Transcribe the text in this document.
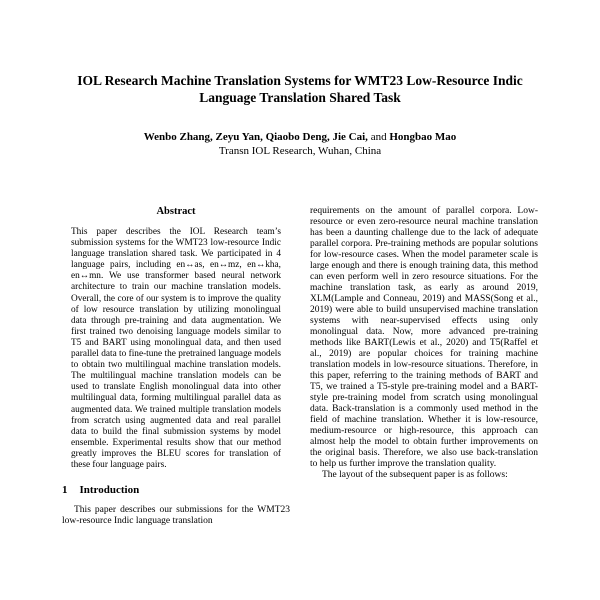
IOL Research Machine Translation Systems for WMT23 Low-Resource Indic Language Translation Shared Task
Wenbo Zhang, Zeyu Yan, Qiaobo Deng, Jie Cai, and Hongbao Mao
Transn IOL Research, Wuhan, China
Abstract

This paper describes the IOL Research team’s submission systems for the WMT23 low-resource Indic language translation shared task. We participated in 4 language pairs, including en↔as, en↔mz, en↔kha, en↔mn. We use transformer based neural network architecture to train our machine translation models. Overall, the core of our system is to improve the quality of low resource translation by utilizing monolingual data through pre-training and data augmentation. We first trained two denoising language models similar to T5 and BART using monolingual data, and then used parallel data to fine-tune the pretrained language models to obtain two multilingual machine translation models. The multilingual machine translation models can be used to translate English monolingual data into other multilingual data, forming multilingual parallel data as augmented data. We trained multiple translation models from scratch using augmented data and real parallel data to build the final submission systems by model ensemble. Experimental results show that our method greatly improves the BLEU scores for translation of these four language pairs.

1 Introduction

This paper describes our submissions for the WMT23 low-resource Indic language translation

requirements on the amount of parallel corpora. Low-resource or even zero-resource neural machine translation has been a daunting challenge due to the lack of adequate parallel corpora. Pre-training methods are popular solutions for low-resource cases. When the model parameter scale is large enough and there is enough training data, this method can even perform well in zero resource situations. For the machine translation task, as early as around 2019, XLM(Lample and Conneau, 2019) and MASS(Song et al., 2019) were able to build unsupervised machine translation systems with near-supervised effects using only monolingual data. Now, more advanced pre-training methods like BART(Lewis et al., 2020) and T5(Raffel et al., 2019) are popular choices for training machine translation models in low-resource situations. Therefore, in this paper, referring to the training methods of BART and T5, we trained a T5-style pre-training model and a BART-style pre-training model from scratch using monolingual data. Back-translation is a commonly used method in the field of machine translation. Whether it is low-resource, medium-resource or high-resource, this approach can almost help the model to obtain further improvements on the original basis. Therefore, we also use back-translation to help us further improve the translation quality.

The layout of the subsequent paper is as follows:
